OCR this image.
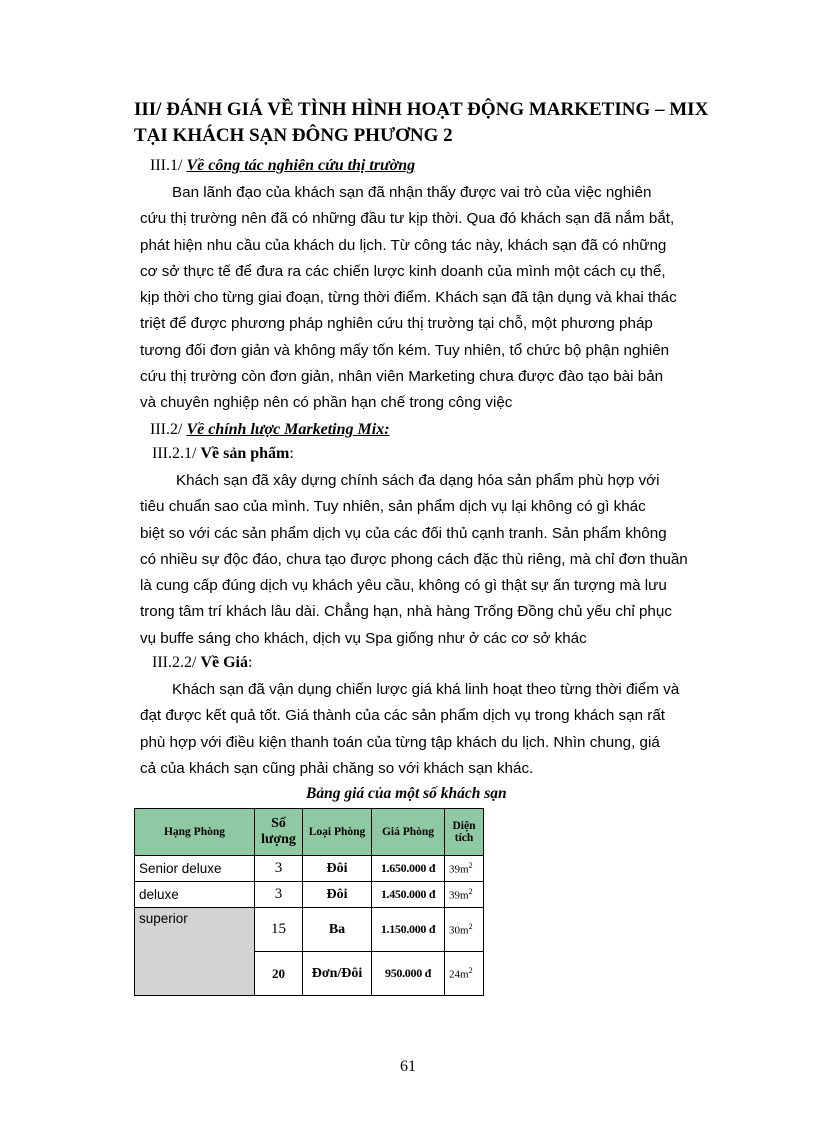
III/ ĐÁNH GIÁ VỀ TÌNH HÌNH HOẠT ĐỘNG MARKETING – MIX
TẠI KHÁCH SẠN ĐÔNG PHƯƠNG 2
III.1/ Về công tác nghiên cứu thị trường
Ban lãnh đạo của khách sạn đã nhận thấy được vai trò của việc nghiên
cứu thị trường nên đã có những đầu tư kịp thời. Qua đó khách sạn đã nắm bắt,
phát hiện nhu cầu của khách du lịch. Từ công tác này, khách sạn đã có những
cơ sở thực tế để đưa ra các chiến lược kinh doanh của mình một cách cụ thể,
kịp thời cho từng giai đoạn, từng thời điểm. Khách sạn đã tận dụng và khai thác
triệt để được phương pháp nghiên cứu thị trường tại chỗ, một phương pháp
tương đối đơn giản và không mấy tốn kém. Tuy nhiên, tổ chức bộ phận nghiên
cứu thị trường còn đơn giản, nhân viên Marketing chưa được đào tạo bài bản
và chuyên nghiệp nên có phần hạn chế trong công việc
III.2/ Về chính lược Marketing Mix:
III.2.1/ Về sản phẩm:
Khách sạn đã xây dựng chính sách đa dạng hóa sản phẩm phù hợp với
tiêu chuẩn sao của mình. Tuy nhiên, sản phẩm dịch vụ lại không có gì khác
biệt so với các sản phẩm dịch vụ của các đối thủ cạnh tranh. Sản phẩm không
có nhiều sự độc đáo, chưa tạo được phong cách đặc thù riêng, mà chỉ đơn thuần
là cung cấp đúng dịch vụ khách yêu cầu, không có gì thật sự ấn tượng mà lưu
trong tâm trí khách lâu dài. Chẳng hạn, nhà hàng Trống Đồng chủ yếu chỉ phục
vụ buffe sáng cho khách, dịch vụ Spa giống như ở các cơ sở khác
III.2.2/ Về Giá:
Khách sạn đã vận dụng chiến lược giá khá linh hoạt theo từng thời điểm và
đạt được kết quả tốt. Giá thành của các sản phẩm dịch vụ trong khách sạn rất
phù hợp với điều kiện thanh toán của từng tập khách du lịch. Nhìn chung, giá
cả của khách sạn cũng phải chăng so với khách sạn khác.
Bảng giá của một số khách sạn
Hạng Phòng	Số lượng	Loại Phòng	Giá Phòng	Diện tích
Senior deluxe	3	Đôi	1.650.000 đ	$39m^2$
deluxe	3	Đôi	1.450.000 đ	$39m^2$
superior	15	Ba	1.150.000 đ	$30m^2$
	20	Đơn/Đôi	950.000 đ	$24m^2$
61
